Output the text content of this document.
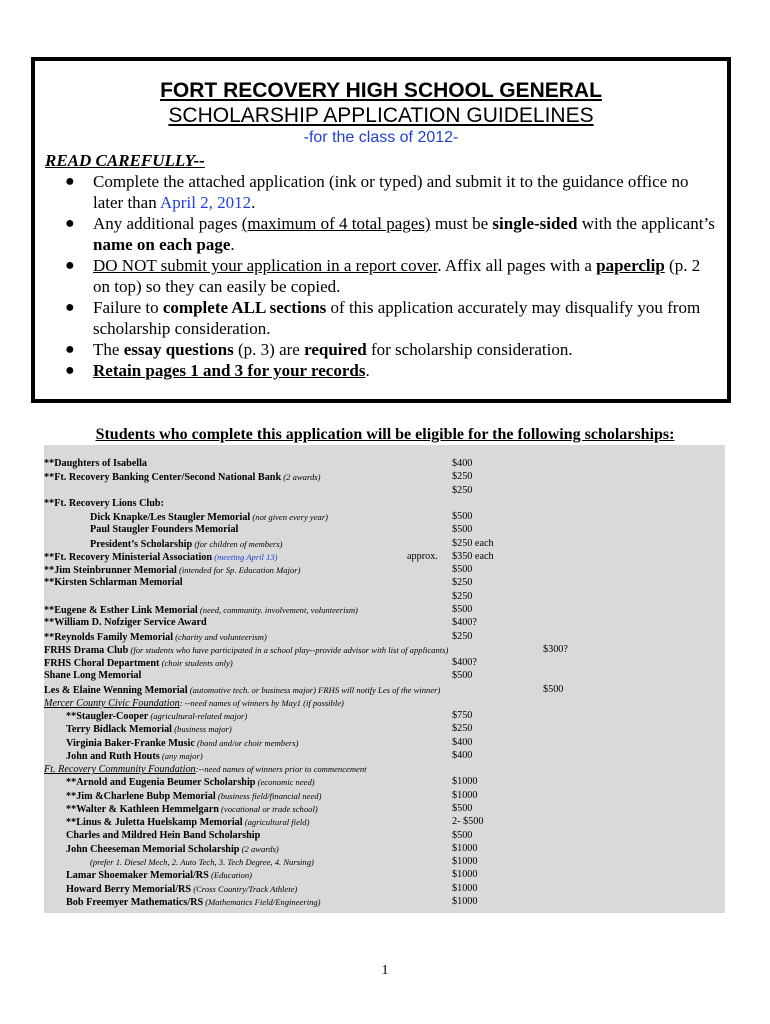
FORT RECOVERY HIGH SCHOOL GENERAL
SCHOLARSHIP APPLICATION GUIDELINES
-for the class of 2012-
READ CAREFULLY--
● Complete the attached application (ink or typed) and submit it to the guidance office no later than April 2, 2012.
● Any additional pages (maximum of 4 total pages) must be single-sided with the applicant’s name on each page.
● DO NOT submit your application in a report cover. Affix all pages with a paperclip (p. 2 on top) so they can easily be copied.
● Failure to complete ALL sections of this application accurately may disqualify you from scholarship consideration.
● The essay questions (p. 3) are required for scholarship consideration.
● Retain pages 1 and 3 for your records.
Students who complete this application will be eligible for the following scholarships:
**Daughters of Isabella	$400
**Ft. Recovery Banking Center/Second National Bank (2 awards)	$250
$250
**Ft. Recovery Lions Club:
Dick Knapke/Les Staugler Memorial (not given every year)	$500
Paul Staugler Founders Memorial	$500
President’s Scholarship (for children of members)	$250 each
**Ft. Recovery Ministerial Association (meeting April 13)	approx. $350 each
**Jim Steinbrunner Memorial (intended for Sp. Education Major)	$500
**Kirsten Schlarman Memorial	$250
$250
**Eugene & Esther Link Memorial (need, community. involvement, volunteerism)	$500
**William D. Nofziger Service Award	$400?
**Reynolds Family Memorial (charity and volunteerism)	$250
FRHS Drama Club (for students who have participated in a school play--provide advisor with list of applicants)	$300?
FRHS Choral Department (choir students only)	$400?
Shane Long Memorial	$500
Les & Elaine Wenning Memorial (automotive tech. or business major) FRHS will notify Les of the winner)	$500
Mercer County Civic Foundation: --need names of winners by May1 (if possible)
**Staugler-Cooper (agricultural-related major)	$750
Terry Bidlack Memorial (business major)	$250
Virginia Baker-Franke Music (band and/or choir members)	$400
John and Ruth Houts (any major)	$400
Ft. Recovery Community Foundation:--need names of winners prior to commencement
**Arnold and Eugenia Beumer Scholarship (economic need)	$1000
**Jim &Charlene Bubp Memorial (business field/financial need)	$1000
**Walter & Kathleen Hemmelgarn (vocational or trade school)	$500
**Linus & Juletta Huelskamp Memorial (agricultural field)	2- $500
Charles and Mildred Hein Band Scholarship	$500
John Cheeseman Memorial Scholarship (2 awards)	$1000
(prefer 1. Diesel Mech, 2. Auto Tech, 3. Tech Degree, 4. Nursing)	$1000
Lamar Shoemaker Memorial/RS (Education)	$1000
Howard Berry Memorial/RS (Cross Country/Track Athlete)	$1000
Bob Freemyer Mathematics/RS (Mathematics Field/Engineering)	$1000
1
